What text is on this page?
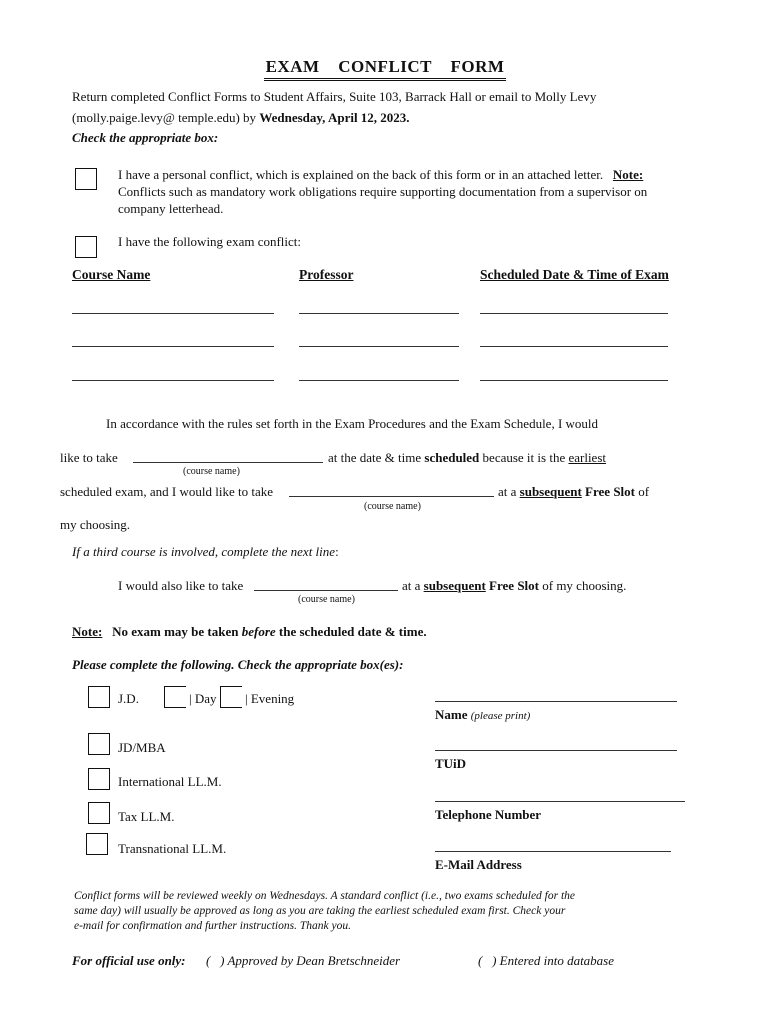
EXAM CONFLICT FORM
Return completed Conflict Forms to Student Affairs, Suite 103, Barrack Hall or email to Molly Levy
(molly.paige.levy@ temple.edu) by Wednesday, April 12, 2023.
Check the appropriate box:
I have a personal conflict, which is explained on the back of this form or in an attached letter. Note:
Conflicts such as mandatory work obligations require supporting documentation from a supervisor on
company letterhead.
I have the following exam conflict:
Course Name	Professor	Scheduled Date & Time of Exam
In accordance with the rules set forth in the Exam Procedures and the Exam Schedule, I would
like to take	at the date & time scheduled because it is the earliest
(course name)
scheduled exam, and I would like to take	at a subsequent Free Slot of
(course name)
my choosing.
If a third course is involved, complete the next line:
I would also like to take	at a subsequent Free Slot of my choosing.
(course name)
Note: No exam may be taken before the scheduled date & time.
Please complete the following. Check the appropriate box(es):
J.D.	| Day | Evening
JD/MBA
International LL.M.
Tax LL.M.
Transnational LL.M.
Name (please print)
TUiD
Telephone Number
E-Mail Address
Conflict forms will be reviewed weekly on Wednesdays. A standard conflict (i.e., two exams scheduled for the
same day) will usually be approved as long as you are taking the earliest scheduled exam first. Check your
e-mail for confirmation and further instructions. Thank you.
For official use only: (   ) Approved by Dean Bretschneider	(   ) Entered into database
